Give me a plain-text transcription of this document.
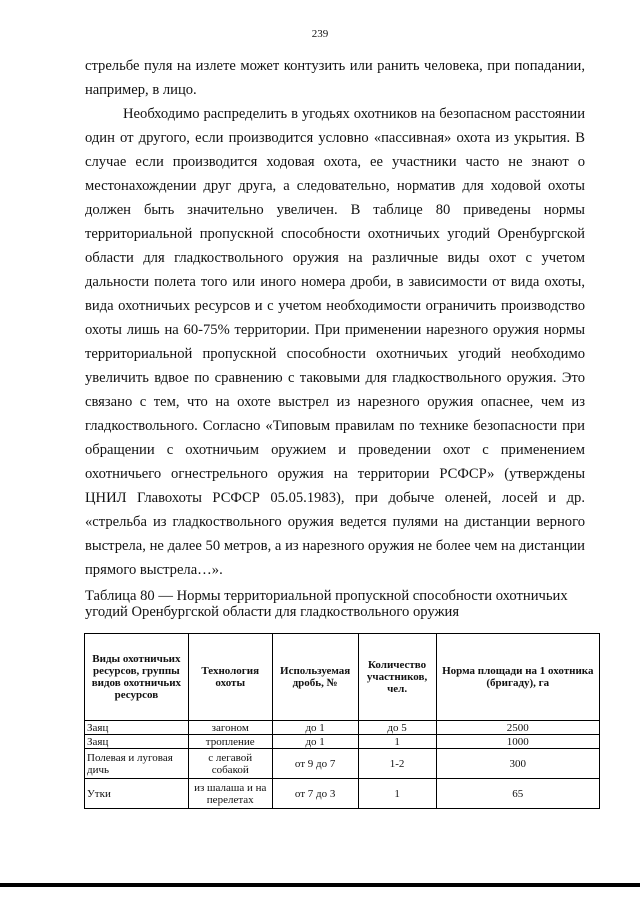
239

стрельбе пуля на излете может контузить или ранить человека, при попадании, например, в лицо.

Необходимо распределить в угодьях охотников на безопасном расстоянии один от другого, если производится условно «пассивная» охота из укрытия. В случае если производится ходовая охота, ее участники часто не знают о местонахождении друг друга, а следовательно, норматив для ходовой охоты должен быть значительно увеличен. В таблице 80 приведены нормы территориальной пропускной способности охотничьих угодий Оренбургской области для гладкоствольного оружия на различные виды охот с учетом дальности полета того или иного номера дроби, в зависимости от вида охоты, вида охотничьих ресурсов и с учетом необходимости ограничить производство охоты лишь на 60-75% территории. При применении нарезного оружия нормы территориальной пропускной способности охотничьих угодий необходимо увеличить вдвое по сравнению с таковыми для гладкоствольного оружия. Это связано с тем, что на охоте выстрел из нарезного оружия опаснее, чем из гладкоствольного. Согласно «Типовым правилам по технике безопасности при обращении с охотничьим оружием и проведении охот с применением охотничьего огнестрельного оружия на территории РСФСР» (утверждены ЦНИЛ Главохоты РСФСР 05.05.1983), при добыче оленей, лосей и др. «стрельба из гладкоствольного оружия ведется пулями на дистанции верного выстрела, не далее 50 метров, а из нарезного оружия не более чем на дистанции прямого выстрела…».

Таблица 80 — Нормы территориальной пропускной способности охотничьих угодий Оренбургской области для гладкоствольного оружия
Виды охотничьих ресурсов, группы видов охотничьих ресурсов	Технология охоты	Используемая дробь, №	Количество участников, чел.	Норма площади на 1 охотника (бригаду), га
Заяц	загоном	до 1	до 5	2500
Заяц	тропление	до 1	1	1000
Полевая и луговая дичь	с легавой собакой	от 9 до 7	1-2	300
Утки	из шалаша и на перелетах	от 7 до 3	1	65
